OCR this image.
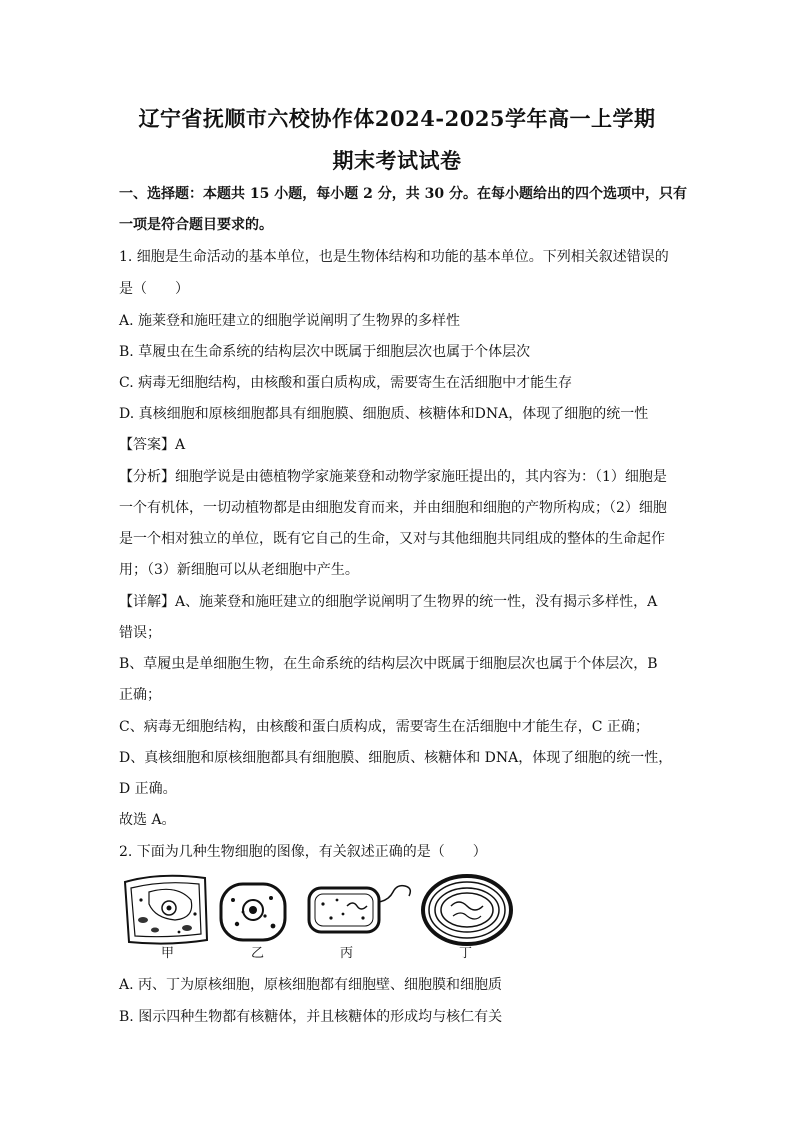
辽宁省抚顺市六校协作体2024-2025学年高一上学期
期末考试试卷
一、选择题：本题共 15 小题，每小题 2 分，共 30 分。在每小题给出的四个选项中，只有
一项是符合题目要求的。
1. 细胞是生命活动的基本单位，也是生物体结构和功能的基本单位。下列相关叙述错误的
是（　　）
A. 施莱登和施旺建立的细胞学说阐明了生物界的多样性
B. 草履虫在生命系统的结构层次中既属于细胞层次也属于个体层次
C. 病毒无细胞结构，由核酸和蛋白质构成，需要寄生在活细胞中才能生存
D. 真核细胞和原核细胞都具有细胞膜、细胞质、核糖体和DNA，体现了细胞的统一性
【答案】A
【分析】细胞学说是由德植物学家施莱登和动物学家施旺提出的，其内容为：（1）细胞是
一个有机体，一切动植物都是由细胞发育而来，并由细胞和细胞的产物所构成；（2）细胞
是一个相对独立的单位，既有它自己的生命，又对与其他细胞共同组成的整体的生命起作
用；（3）新细胞可以从老细胞中产生。
【详解】A、施莱登和施旺建立的细胞学说阐明了生物界的统一性，没有揭示多样性，A
错误；
B、草履虫是单细胞生物，在生命系统的结构层次中既属于细胞层次也属于个体层次，B
正确；
C、病毒无细胞结构，由核酸和蛋白质构成，需要寄生在活细胞中才能生存，C 正确；
D、真核细胞和原核细胞都具有细胞膜、细胞质、核糖体和 DNA，体现了细胞的统一性，
D 正确。
故选 A。
2. 下面为几种生物细胞的图像，有关叙述正确的是（　　）
甲	乙	丙	丁
A. 丙、丁为原核细胞，原核细胞都有细胞壁、细胞膜和细胞质
B. 图示四种生物都有核糖体，并且核糖体的形成均与核仁有关
